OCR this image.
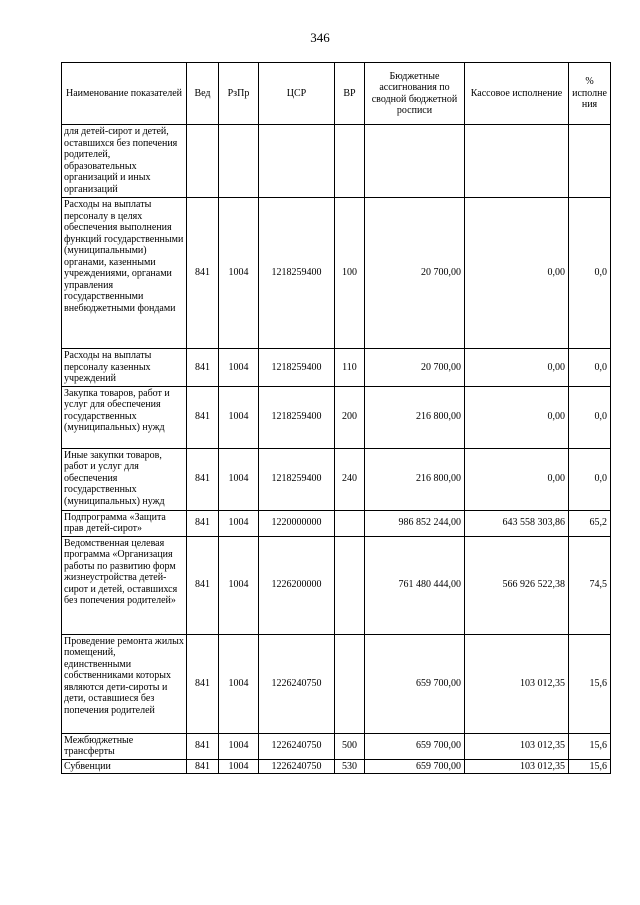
346
Наименование показателей	Вед	РзПр	ЦСР	ВР	Бюджетные ассигнования по сводной бюджетной росписи	Кассовое исполнение	% исполне ния
для детей-сирот и детей, оставшихся без попечения родителей, образовательных организаций и иных организаций							
Расходы на выплаты персоналу в целях обеспечения выполнения функций государственными (муниципальными) органами, казенными учреждениями, органами управления государственными внебюджетными фондами	841	1004	1218259400	100	20 700,00	0,00	0,0
Расходы на выплаты персоналу казенных учреждений	841	1004	1218259400	110	20 700,00	0,00	0,0
Закупка товаров, работ и услуг для обеспечения государственных (муниципальных) нужд	841	1004	1218259400	200	216 800,00	0,00	0,0
Иные закупки товаров, работ и услуг для обеспечения государственных (муниципальных) нужд	841	1004	1218259400	240	216 800,00	0,00	0,0
Подпрограмма «Защита прав детей-сирот»	841	1004	1220000000		986 852 244,00	643 558 303,86	65,2
Ведомственная целевая программа «Организация работы по развитию форм жизнеустройства детей-сирот и детей, оставшихся без попечения родителей»	841	1004	1226200000		761 480 444,00	566 926 522,38	74,5
Проведение ремонта жилых помещений, единственными собственниками которых являются дети-сироты и дети, оставшиеся без попечения родителей	841	1004	1226240750		659 700,00	103 012,35	15,6
Межбюджетные трансферты	841	1004	1226240750	500	659 700,00	103 012,35	15,6
Субвенции	841	1004	1226240750	530	659 700,00	103 012,35	15,6
